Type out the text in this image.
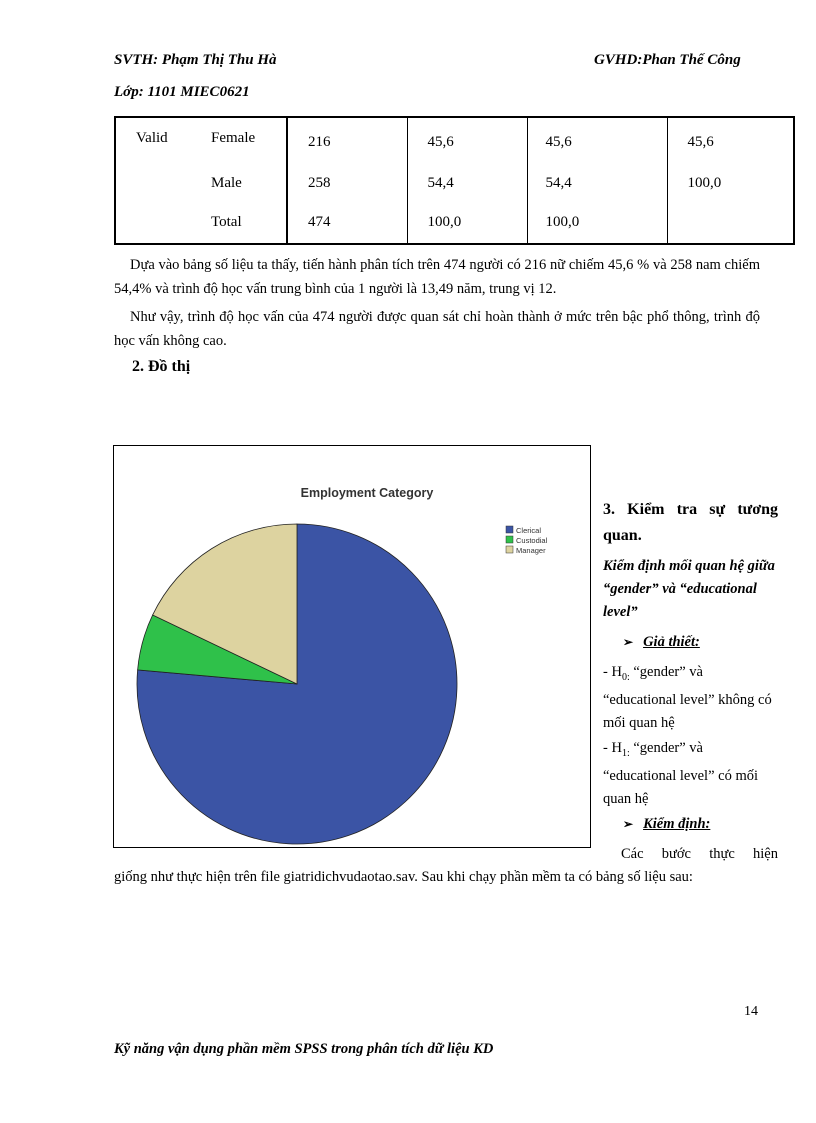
SVTH: Phạm Thị Thu Hà	GVHD:Phan Thế Công
Lớp: 1101 MIEC0621
Valid	Female	216	45,6	45,6	45,6
	Male	258	54,4	54,4	100,0
	Total	474	100,0	100,0	
Dựa vào bảng số liệu ta thấy, tiến hành phân tích trên 474 người có 216 nữ chiếm 45,6 % và 258 nam chiếm 54,4% và trình độ học vấn trung bình của 1 người là 13,49 năm, trung vị 12.
Như vậy, trình độ học vấn của 474 người được quan sát chỉ hoàn thành ở mức trên bậc phổ thông, trình độ học vấn không cao.
2. Đồ thị
Employment Category
Clerical
Custodial
Manager
3. Kiểm tra sự tương quan.
Kiểm định mối quan hệ giữa “gender” và “educational level”
➢ Giả thiết:
- $H_{0:}$ “gender” và “educational level” không có mối quan hệ
- $H_{1:}$ “gender” và “educational level” có mối quan hệ
➢ Kiểm định:
Các bước thực hiện
giống như thực hiện trên file giatridichvudaotao.sav. Sau khi chạy phần mềm ta có bảng số liệu sau:
14
Kỹ năng vận dụng phần mềm SPSS trong phân tích dữ liệu KD
